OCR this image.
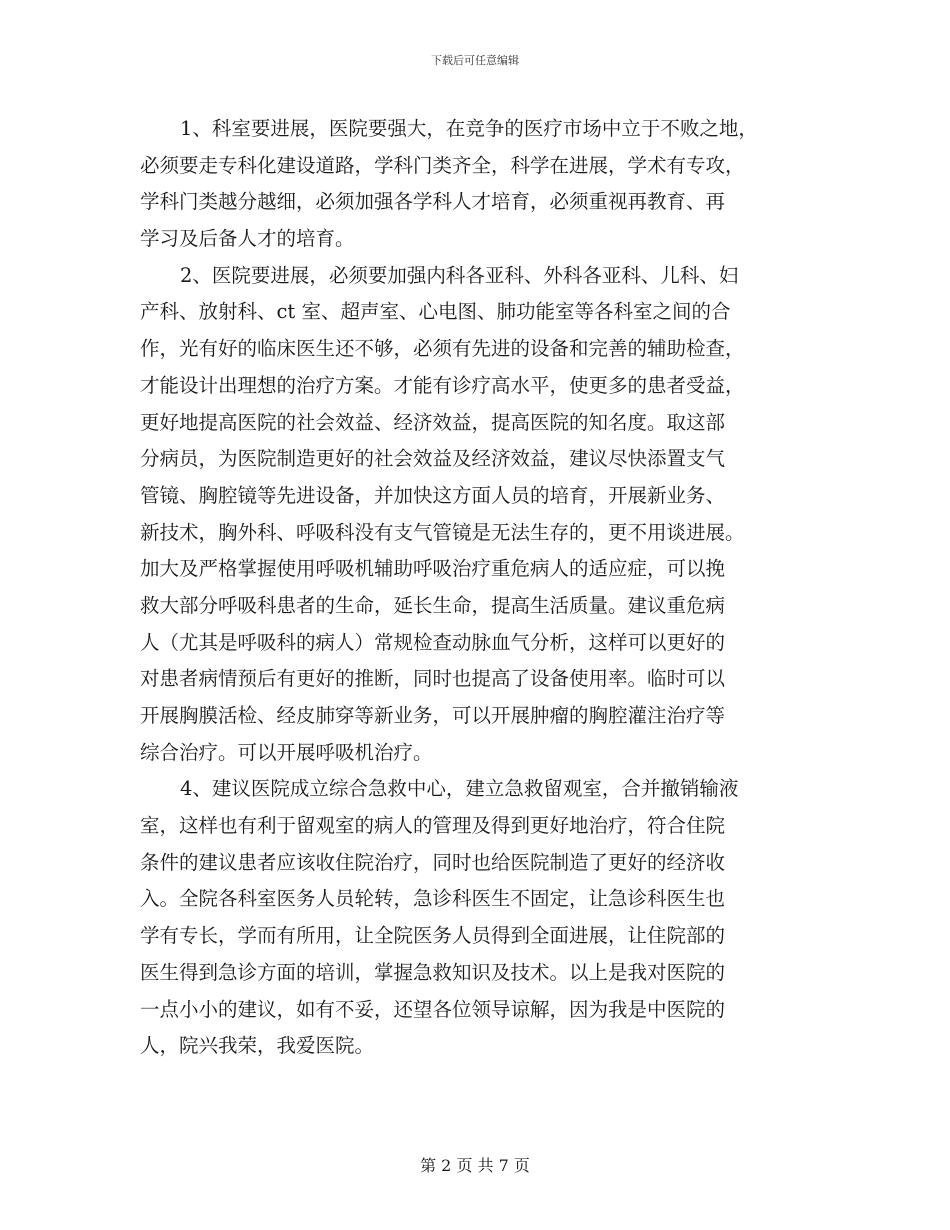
下载后可任意编辑
1、科室要进展，医院要强大，在竞争的医疗市场中立于不败之地，
必须要走专科化建设道路，学科门类齐全，科学在进展，学术有专攻，
学科门类越分越细，必须加强各学科人才培育，必须重视再教育、再
学习及后备人才的培育。
2、医院要进展，必须要加强内科各亚科、外科各亚科、儿科、妇
产科、放射科、ct 室、超声室、心电图、肺功能室等各科室之间的合
作，光有好的临床医生还不够，必须有先进的设备和完善的辅助检查，
才能设计出理想的治疗方案。才能有诊疗高水平，使更多的患者受益，
更好地提高医院的社会效益、经济效益，提高医院的知名度。取这部
分病员，为医院制造更好的社会效益及经济效益，建议尽快添置支气
管镜、胸腔镜等先进设备，并加快这方面人员的培育，开展新业务、
新技术，胸外科、呼吸科没有支气管镜是无法生存的，更不用谈进展。
加大及严格掌握使用呼吸机辅助呼吸治疗重危病人的适应症，可以挽
救大部分呼吸科患者的生命，延长生命，提高生活质量。建议重危病
人（尤其是呼吸科的病人）常规检查动脉血气分析，这样可以更好的
对患者病情预后有更好的推断，同时也提高了设备使用率。临时可以
开展胸膜活检、经皮肺穿等新业务，可以开展肿瘤的胸腔灌注治疗等
综合治疗。可以开展呼吸机治疗。
4、建议医院成立综合急救中心，建立急救留观室，合并撤销输液
室，这样也有利于留观室的病人的管理及得到更好地治疗，符合住院
条件的建议患者应该收住院治疗，同时也给医院制造了更好的经济收
入。全院各科室医务人员轮转，急诊科医生不固定，让急诊科医生也
学有专长，学而有所用，让全院医务人员得到全面进展，让住院部的
医生得到急诊方面的培训，掌握急救知识及技术。以上是我对医院的
一点小小的建议，如有不妥，还望各位领导谅解，因为我是中医院的
人，院兴我荣，我爱医院。
第 2 页 共 7 页
